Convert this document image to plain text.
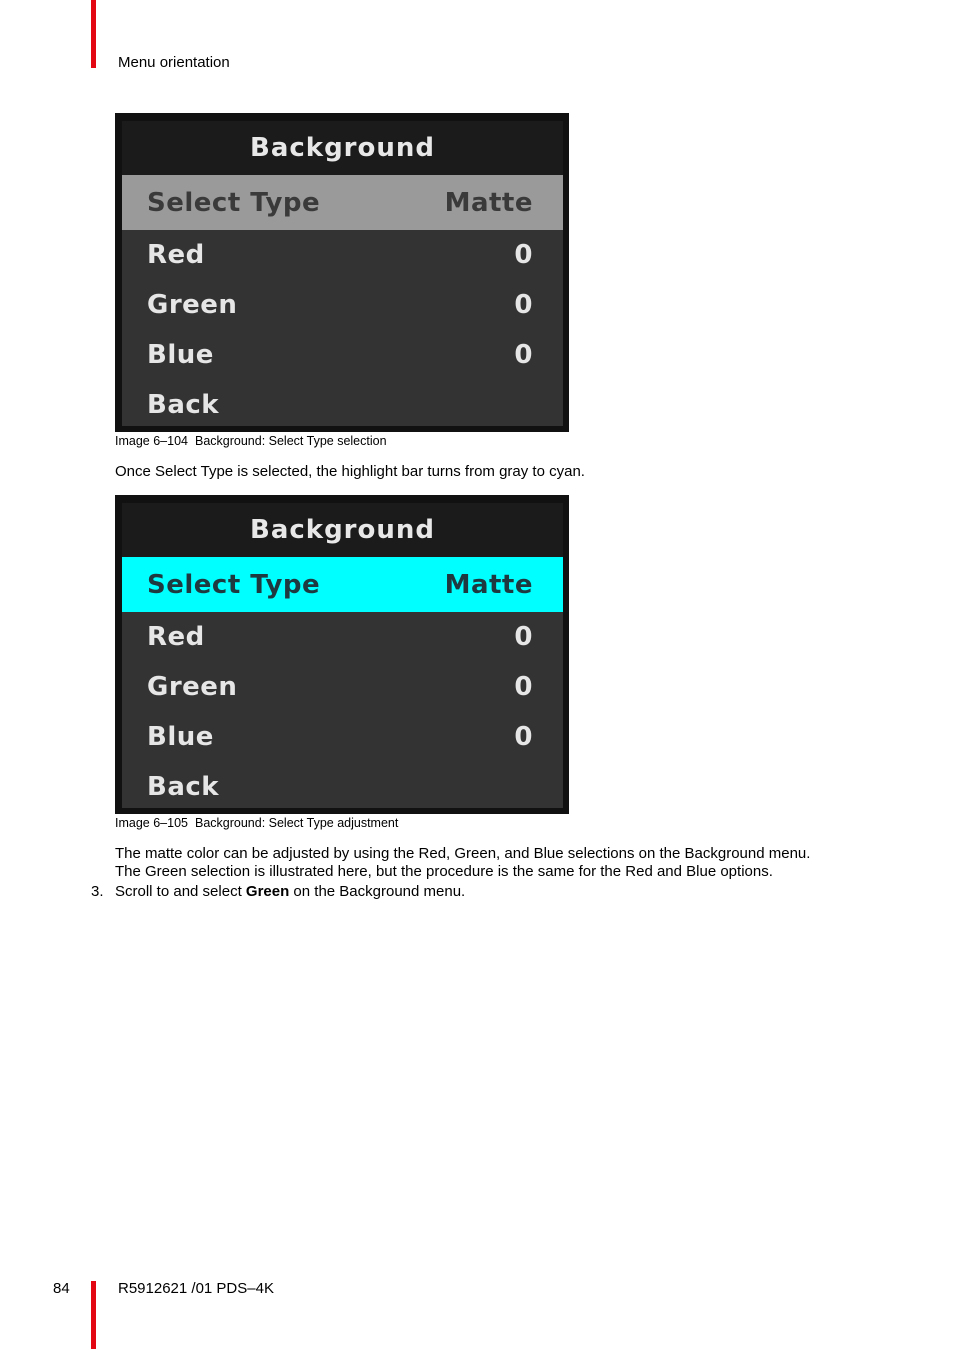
Menu orientation
Background
Select Type	Matte
Red	0
Green	0
Blue	0
Back
Image 6–104 Background: Select Type selection
Once Select Type is selected, the highlight bar turns from gray to cyan.
Background
Select Type	Matte
Red	0
Green	0
Blue	0
Back
Image 6–105 Background: Select Type adjustment
The matte color can be adjusted by using the Red, Green, and Blue selections on the Background menu.
The Green selection is illustrated here, but the procedure is the same for the Red and Blue options.
3. Scroll to and select Green on the Background menu.
84	R5912621 /01 PDS–4K
